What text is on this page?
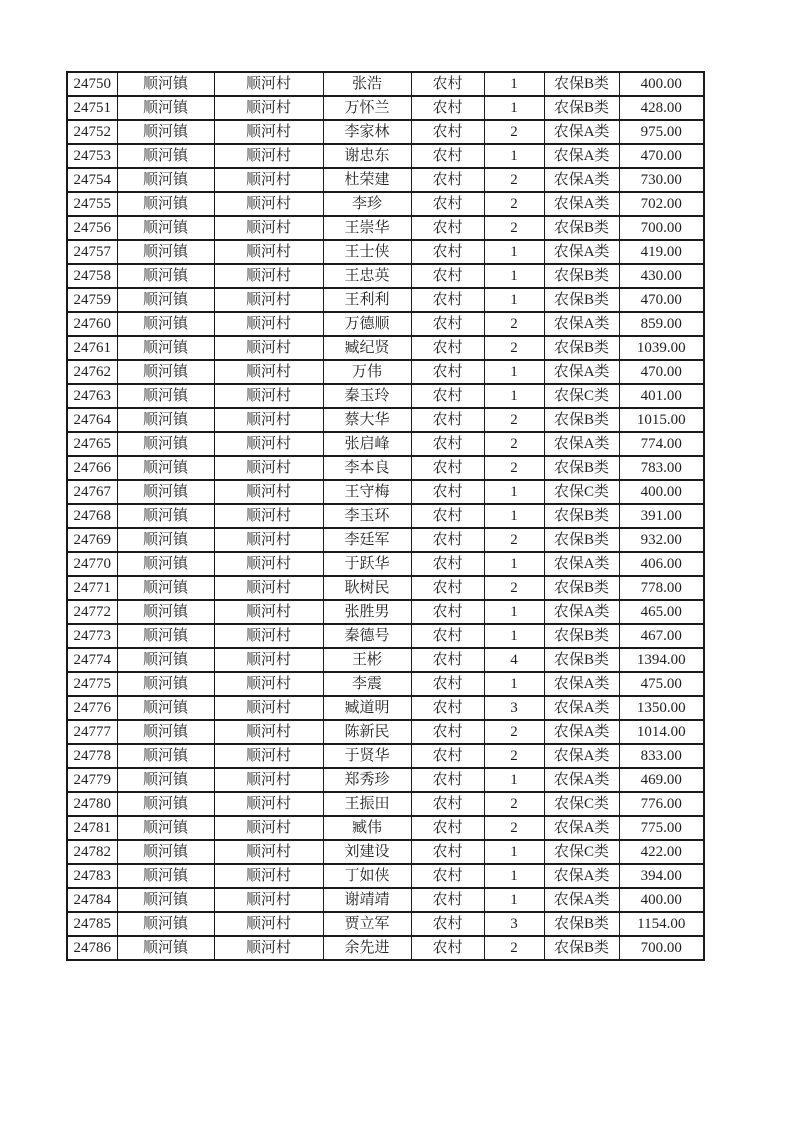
24750	顺河镇	顺河村	张浩	农村	1	农保B类	400.00
24751	顺河镇	顺河村	万怀兰	农村	1	农保B类	428.00
24752	顺河镇	顺河村	李家林	农村	2	农保A类	975.00
24753	顺河镇	顺河村	谢忠东	农村	1	农保A类	470.00
24754	顺河镇	顺河村	杜荣建	农村	2	农保A类	730.00
24755	顺河镇	顺河村	李珍	农村	2	农保A类	702.00
24756	顺河镇	顺河村	王崇华	农村	2	农保B类	700.00
24757	顺河镇	顺河村	王士侠	农村	1	农保A类	419.00
24758	顺河镇	顺河村	王忠英	农村	1	农保B类	430.00
24759	顺河镇	顺河村	王利利	农村	1	农保B类	470.00
24760	顺河镇	顺河村	万德顺	农村	2	农保A类	859.00
24761	顺河镇	顺河村	臧纪贤	农村	2	农保B类	1039.00
24762	顺河镇	顺河村	万伟	农村	1	农保A类	470.00
24763	顺河镇	顺河村	秦玉玲	农村	1	农保C类	401.00
24764	顺河镇	顺河村	蔡大华	农村	2	农保B类	1015.00
24765	顺河镇	顺河村	张启峰	农村	2	农保A类	774.00
24766	顺河镇	顺河村	李本良	农村	2	农保B类	783.00
24767	顺河镇	顺河村	王守梅	农村	1	农保C类	400.00
24768	顺河镇	顺河村	李玉环	农村	1	农保B类	391.00
24769	顺河镇	顺河村	李廷军	农村	2	农保B类	932.00
24770	顺河镇	顺河村	于跃华	农村	1	农保A类	406.00
24771	顺河镇	顺河村	耿树民	农村	2	农保B类	778.00
24772	顺河镇	顺河村	张胜男	农村	1	农保A类	465.00
24773	顺河镇	顺河村	秦德号	农村	1	农保B类	467.00
24774	顺河镇	顺河村	王彬	农村	4	农保B类	1394.00
24775	顺河镇	顺河村	李震	农村	1	农保A类	475.00
24776	顺河镇	顺河村	臧道明	农村	3	农保A类	1350.00
24777	顺河镇	顺河村	陈新民	农村	2	农保A类	1014.00
24778	顺河镇	顺河村	于贤华	农村	2	农保A类	833.00
24779	顺河镇	顺河村	郑秀珍	农村	1	农保A类	469.00
24780	顺河镇	顺河村	王振田	农村	2	农保C类	776.00
24781	顺河镇	顺河村	臧伟	农村	2	农保A类	775.00
24782	顺河镇	顺河村	刘建设	农村	1	农保C类	422.00
24783	顺河镇	顺河村	丁如侠	农村	1	农保A类	394.00
24784	顺河镇	顺河村	谢靖靖	农村	1	农保A类	400.00
24785	顺河镇	顺河村	贾立军	农村	3	农保B类	1154.00
24786	顺河镇	顺河村	余先进	农村	2	农保B类	700.00
